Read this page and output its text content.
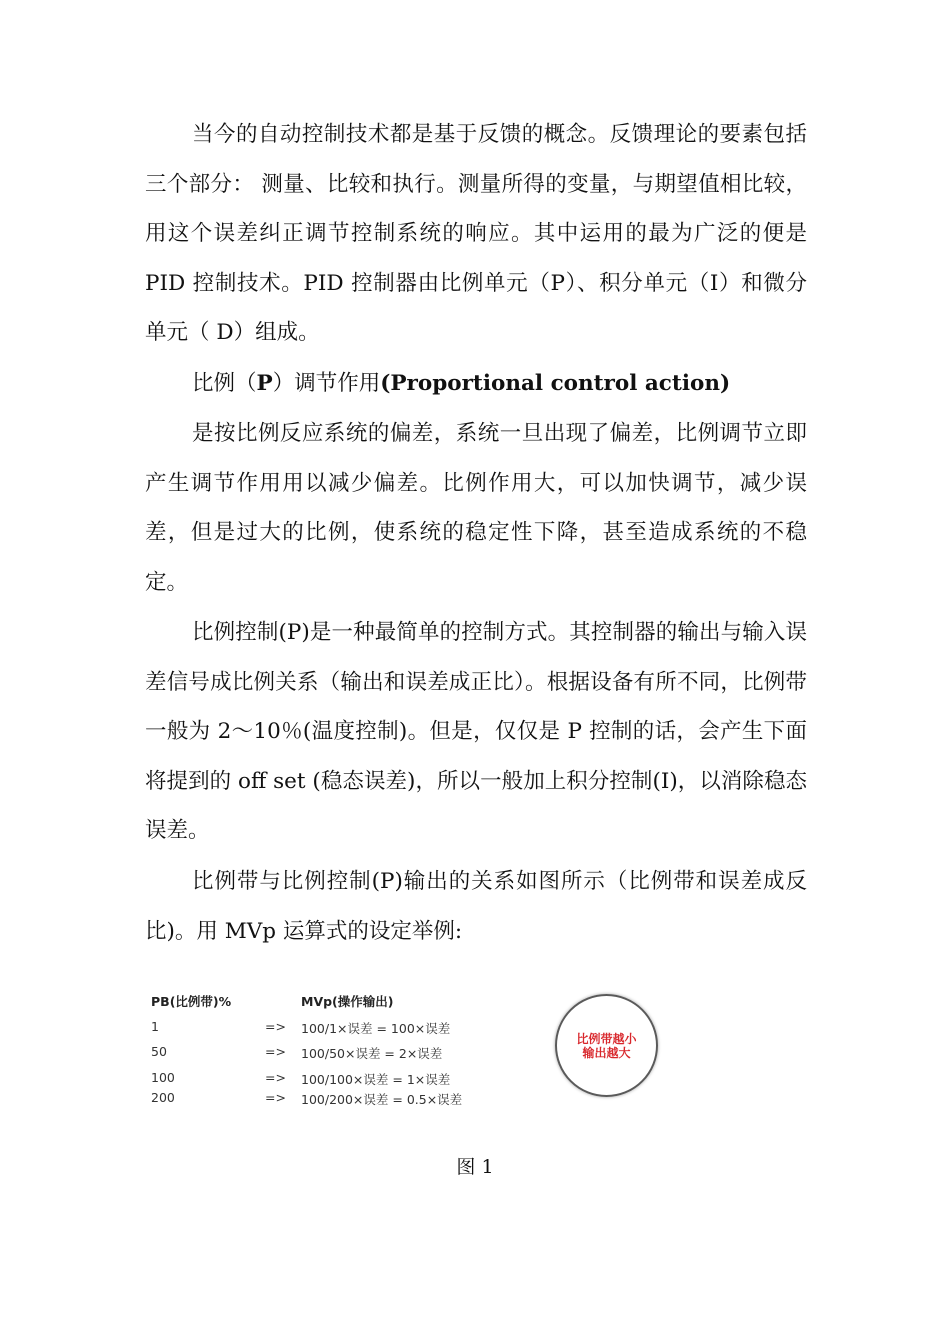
当今的自动控制技术都是基于反馈的概念。反馈理论的要素包括三个部分： 测量、比较和执行。测量所得的变量，与期望值相比较，用这个误差纠正调节控制系统的响应。其中运用的最为广泛的便是 PID 控制技术。PID 控制器由比例单元（P）、积分单元（I）和微分单元（ D）组成。

比例（P）调节作用(Proportional control action)

是按比例反应系统的偏差，系统一旦出现了偏差，比例调节立即产生调节作用用以减少偏差。比例作用大，可以加快调节，减少误差，但是过大的比例，使系统的稳定性下降，甚至造成系统的不稳定。

比例控制(P)是一种最简单的控制方式。其控制器的输出与输入误差信号成比例关系（输出和误差成正比）。根据设备有所不同，比例带一般为 2～10％(温度控制)。但是，仅仅是 P 控制的话，会产生下面将提到的 off set (稳态误差)，所以一般加上积分控制(I)，以消除稳态误差。

比例带与比例控制(P)输出的关系如图所示（比例带和误差成反比)。用 MVp 运算式的设定举例:

PB(比例带)%	MVp(操作输出)
1	=> 100/1×误差 = 100×误差
50	=> 100/50×误差 = 2×误差
100	=> 100/100×误差 = 1×误差
200	=> 100/200×误差 = 0.5×误差
比例带越小
输出越大
图 1
